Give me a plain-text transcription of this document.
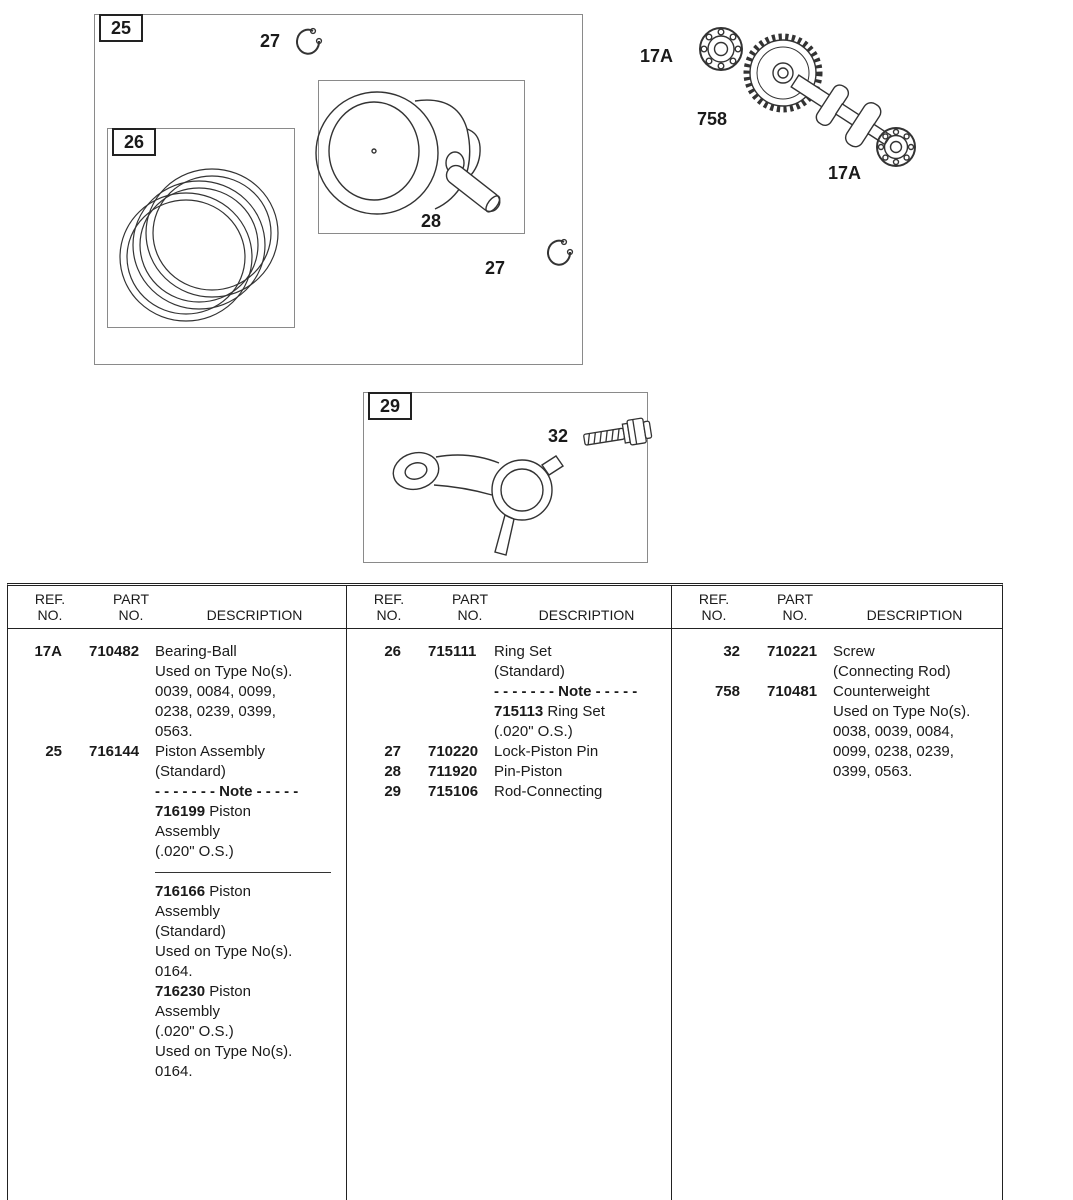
25
26
29
27
28
27
17A
758
17A
32
REF.
NO.
PART
NO.	DESCRIPTION
17A 710482	Bearing-Ball
Used on Type No(s).
0039, 0084, 0099,
0238, 0239, 0399,
0563.
25 716144	Piston Assembly
(Standard)
- - - - - - - Note - - - - -
716199 Piston
Assembly
(.020" O.S.)
716166 Piston
Assembly
(Standard)
Used on Type No(s).
0164.
716230 Piston
Assembly
(.020" O.S.)
Used on Type No(s).
0164.
REF.
NO.
PART
NO.	DESCRIPTION
26 715111	Ring Set
(Standard)
- - - - - - - Note - - - - -
715113 Ring Set
(.020" O.S.)
27 710220	Lock-Piston Pin
28 711920	Pin-Piston
29 715106	Rod-Connecting
REF.
NO.
PART
NO.	DESCRIPTION
32 710221	Screw
(Connecting Rod)
758 710481	Counterweight
Used on Type No(s).
0038, 0039, 0084,
0099, 0238, 0239,
0399, 0563.
